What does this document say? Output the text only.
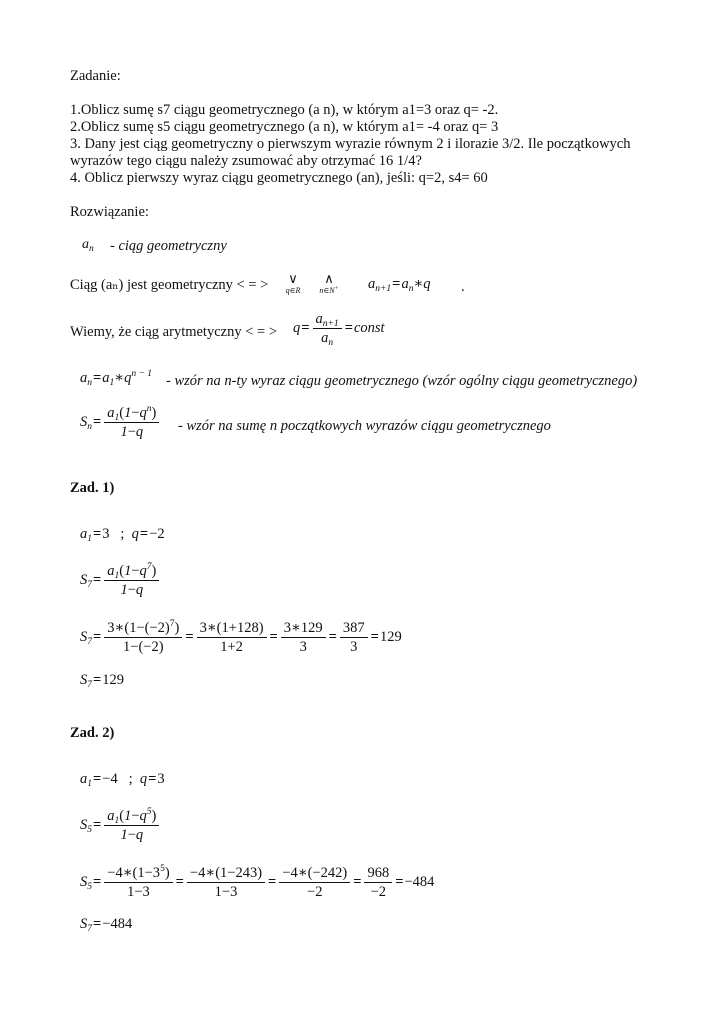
Zadanie:
1.Oblicz sumę s7 ciągu geometrycznego (a n), w którym a1=3 oraz q= -2.
2.Oblicz sumę s5 ciągu geometrycznego (a n), w którym a1= -4 oraz q= 3
3. Dany jest ciąg geometryczny o pierwszym wyrazie równym 2 i ilorazie 3/2. Ile początkowych
wyrazów tego ciągu należy zsumować aby otrzymać 16 1/4?
4. Oblicz pierwszy wyraz ciągu geometrycznego (an), jeśli: q=2, s4= 60
Rozwiązanie:
$a_n$ - ciąg geometryczny
Ciąg (aₙ) jest geometryczny < = >	∨
q∈R
∧
n∈N+ $a_{n+1}=a_n∗q$ .
Wiemy, że ciąg arytmetyczny < = > $q= \frac{a_{n+1}}{a_n}$ =const
$a_n=a_1∗q^{n - 1}$ - wzór na n-ty wyraz ciągu geometrycznego (wzór ogólny ciągu geometrycznego)
$S_n= \frac{a_1(1-q^n)}{1-q}$ - wzór na sumę n początkowych wyrazów ciągu geometrycznego
Zad. 1)
$a_1=3$   ;  q=−2
$S_7= \frac{a_1(1-q^7)}{1-q}$
$S_7= \frac{3∗(1-(-2)^7)}{1-(-2)} = \frac{3∗(1+128)}{1+2} = \frac{3∗129}{3} = \frac{387}{3} =129$
$S_7=129$
Zad. 2)
$a_1=-4$   ;  q=3
$S_5= \frac{a_1(1-q^5)}{1-q}$
$S_5= \frac{-4∗(1-3^5)}{1-3} = \frac{-4∗(1-243)}{1-3} = \frac{-4∗(-242)}{-2} = \frac{968}{-2} =-484$
$S_7=-484$
